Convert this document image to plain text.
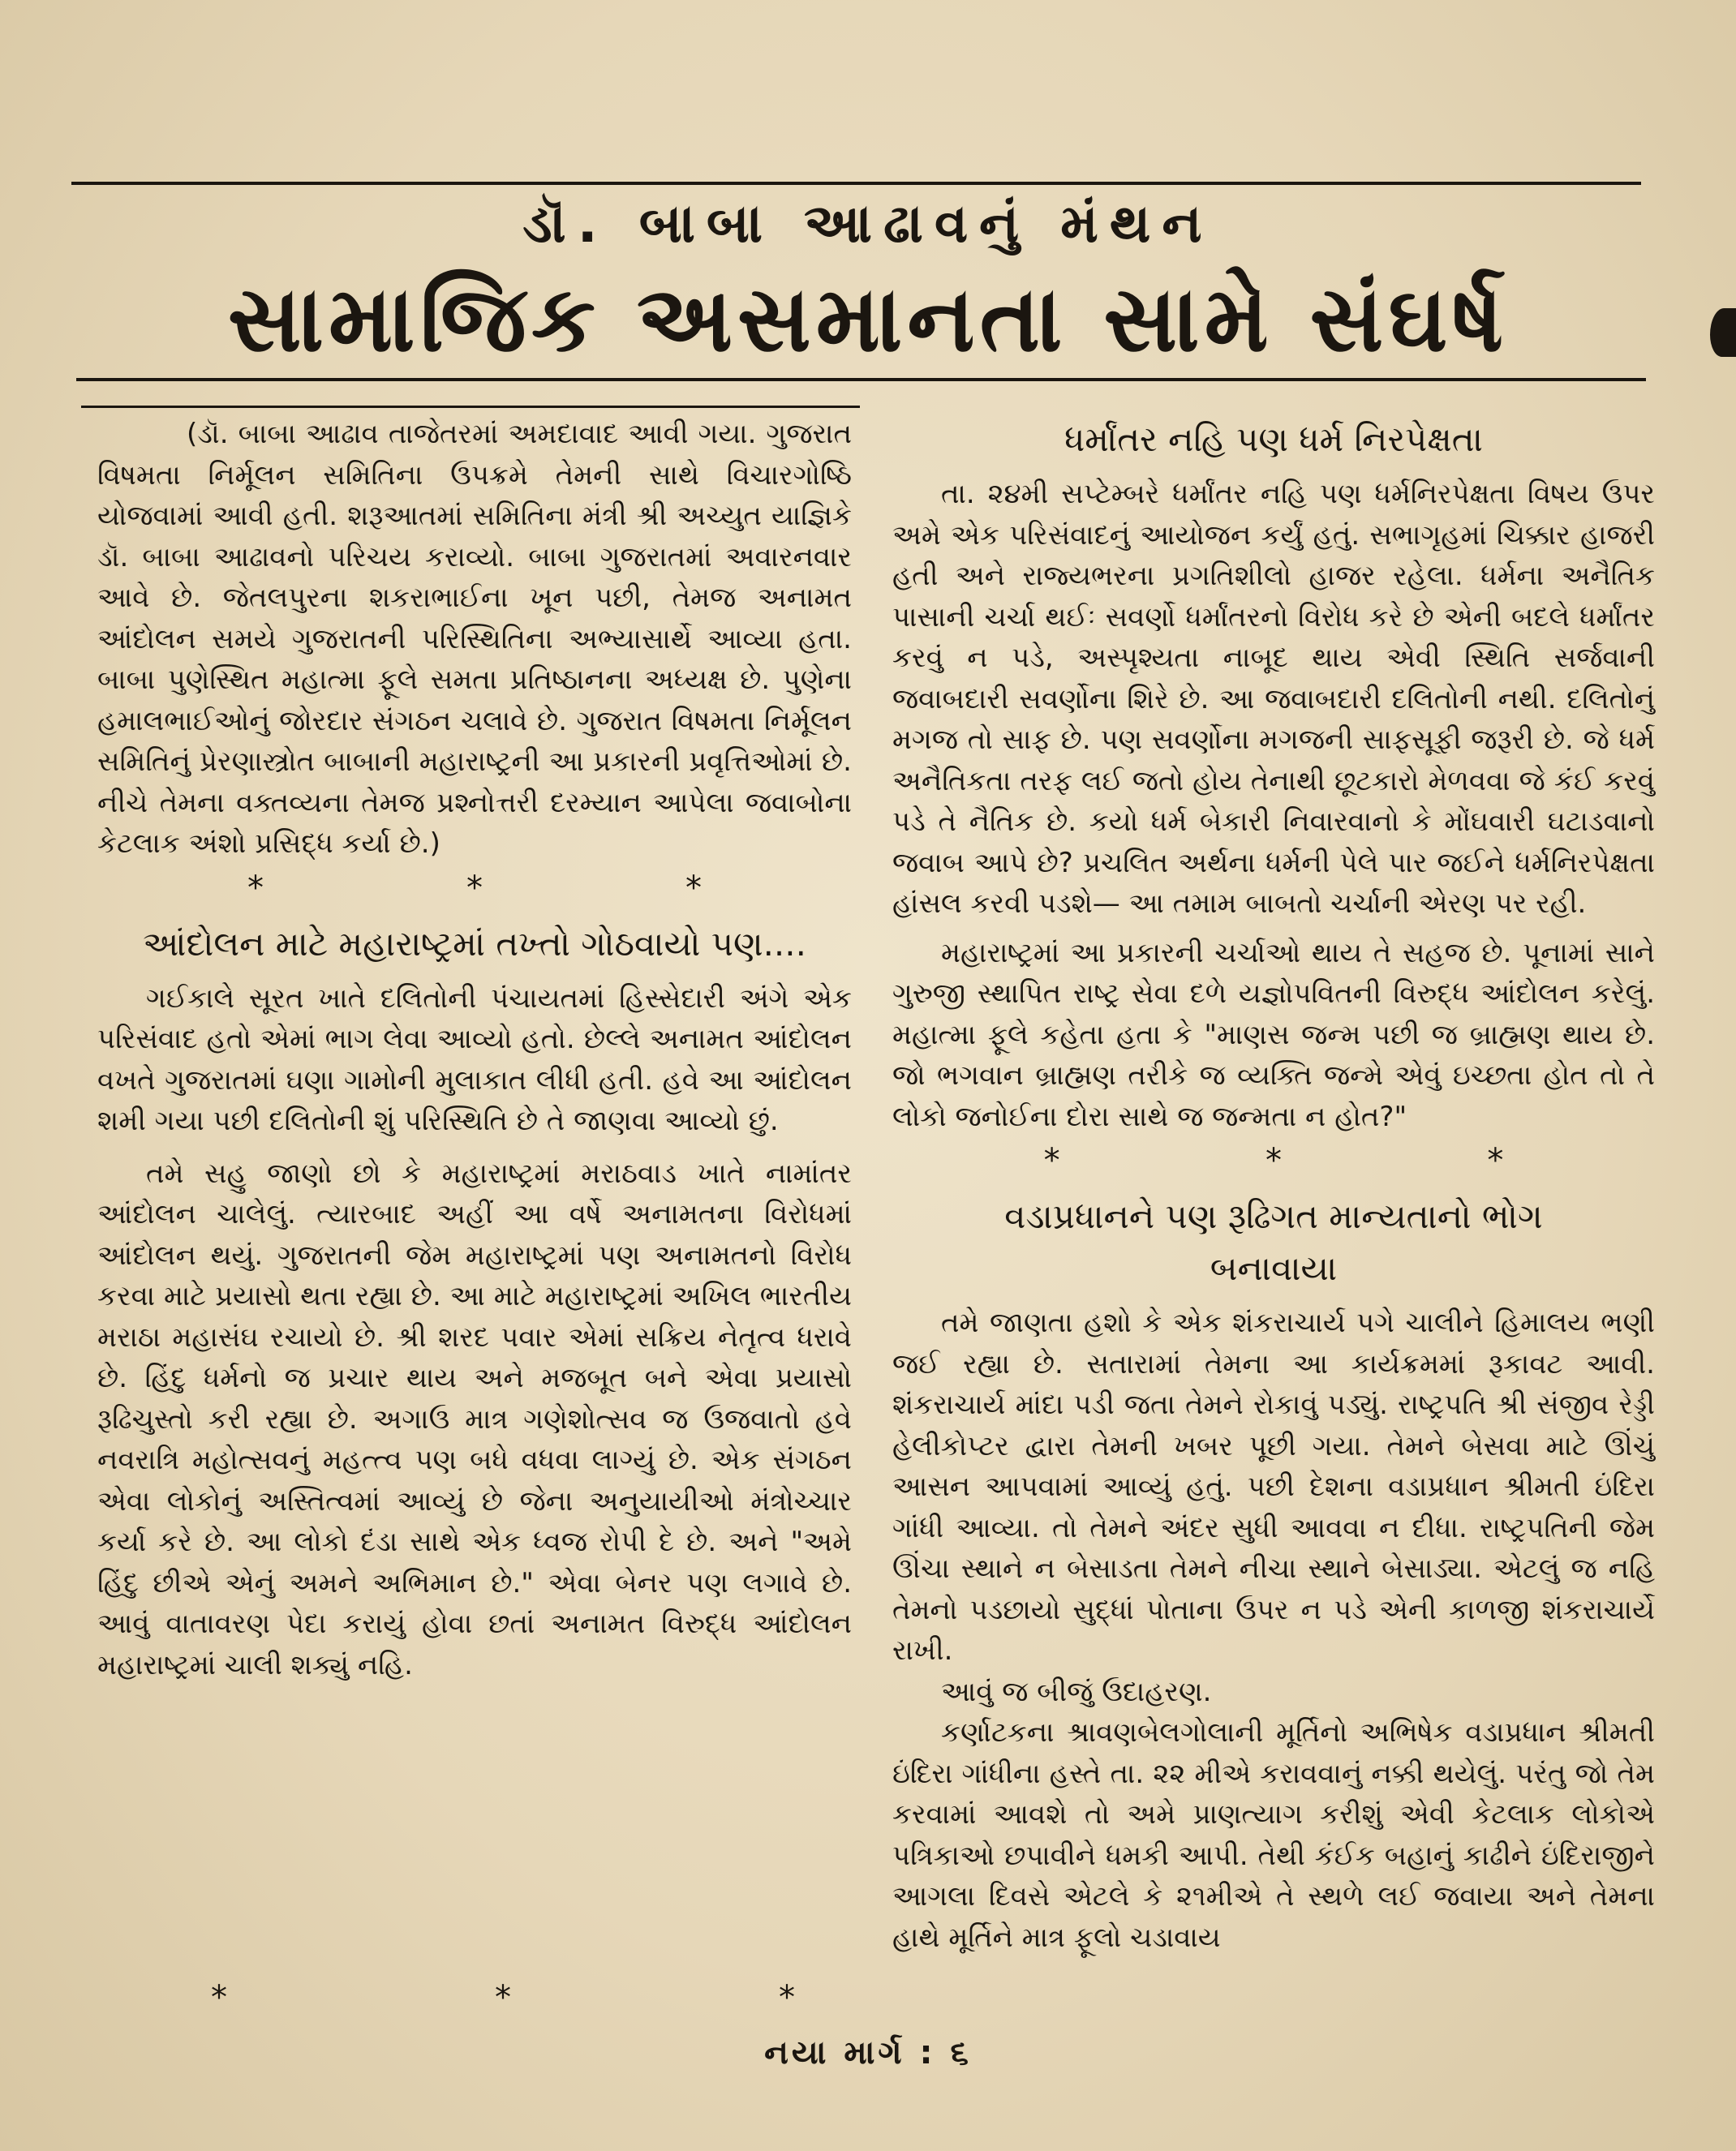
ડૉ. બાબા આઢાવનું મંથન
સામાજિક અસમાનતા સામે સંઘર્ષ

(ડૉ. બાબા આઢાવ તાજેતરમાં અમદાવાદ આવી ગયા. ગુજરાત વિષમતા નિર્મૂલન સમિતિના ઉપક્રમે તેમની સાથે વિચારગોષ્ઠિ યોજવામાં આવી હતી. શરૂઆતમાં સમિતિના મંત્રી શ્રી અચ્યુત યાજ્ઞિકે ડૉ. બાબા આઢાવનો પરિચય કરાવ્યો. બાબા ગુજરાતમાં અવારનવાર આવે છે. જેતલપુરના શકરાભાઈના ખૂન પછી, તેમજ અનામત આંદોલન સમયે ગુજરાતની પરિસ્થિતિના અભ્યાસાર્થે આવ્યા હતા. બાબા પુણેસ્થિત મહાત્મા ફૂલે સમતા પ્રતિષ્ઠાનના અધ્યક્ષ છે. પુણેના હમાલભાઈઓનું જોરદાર સંગઠન ચલાવે છે. ગુજરાત વિષમતા નિર્મૂલન સમિતિનું પ્રેરણાસ્ત્રોત બાબાની મહારાષ્ટ્રની આ પ્રકારની પ્રવૃત્તિઓમાં છે. નીચે તેમના વક્તવ્યના તેમજ પ્રશ્નોત્તરી દરમ્યાન આપેલા જવાબોના કેટલાક અંશો પ્રસિદ્ધ કર્યા છે.)

*	*	*
આંદોલન માટે મહારાષ્ટ્રમાં તખ્તો ગોઠવાયો પણ....

ગઈકાલે સૂરત ખાતે દલિતોની પંચાયતમાં હિસ્સેદારી અંગે એક પરિસંવાદ હતો એમાં ભાગ લેવા આવ્યો હતો. છેલ્લે અનામત આંદોલન વખતે ગુજરાતમાં ઘણા ગામોની મુલાકાત લીધી હતી. હવે આ આંદોલન શમી ગયા પછી દલિતોની શું પરિસ્થિતિ છે તે જાણવા આવ્યો છું.

તમે સહુ જાણો છો કે મહારાષ્ટ્રમાં મરાઠવાડ ખાતે નામાંતર આંદોલન ચાલેલું. ત્યારબાદ અહીં આ વર્ષે અનામતના વિરોધમાં આંદોલન થયું. ગુજરાતની જેમ મહારાષ્ટ્રમાં પણ અનામતનો વિરોધ કરવા માટે પ્રયાસો થતા રહ્યા છે. આ માટે મહારાષ્ટ્રમાં અખિલ ભારતીય મરાઠા મહાસંઘ રચાયો છે. શ્રી શરદ પવાર એમાં સક્રિય નેતૃત્વ ધરાવે છે. હિંદુ ધર્મનો જ પ્રચાર થાય અને મજબૂત બને એવા પ્રયાસો રૂઢિચુસ્તો કરી રહ્યા છે. અગાઉ માત્ર ગણેશોત્સવ જ ઉજવાતો હવે નવરાત્રિ મહોત્સવનું મહત્ત્વ પણ બધે વધવા લાગ્યું છે. એક સંગઠન એવા લોકોનું અસ્તિત્વમાં આવ્યું છે જેના અનુયાયીઓ મંત્રોચ્ચાર કર્યા કરે છે. આ લોકો દંડા સાથે એક ધ્વજ રોપી દે છે. અને "અમે હિંદુ છીએ એનું અમને અભિમાન છે." એવા બેનર પણ લગાવે છે. આવું વાતાવરણ પેદા કરાયું હોવા છતાં અનામત વિરુદ્ધ આંદોલન મહારાષ્ટ્રમાં ચાલી શક્યું નહિ.

*	*	*
ધર્માંતર નહિ પણ ધર્મ નિરપેક્ષતા

તા. ૨૪મી સપ્ટેમ્બરે ધર્માંતર નહિ પણ ધર્મનિરપેક્ષતા વિષય ઉપર અમે એક પરિસંવાદનું આયોજન કર્યું હતું. સભાગૃહમાં ચિક્કાર હાજરી હતી અને રાજ્યભરના પ્રગતિશીલો હાજર રહેલા. ધર્મના અનૈતિક પાસાની ચર્ચા થઈઃ સવર્ણો ધર્માંતરનો વિરોધ કરે છે એની બદલે ધર્માંતર કરવું ન પડે, અસ્પૃશ્યતા નાબૂદ થાય એવી સ્થિતિ સર્જવાની જવાબદારી સવર્ણોના શિરે છે. આ જવાબદારી દલિતોની નથી. દલિતોનું મગજ તો સાફ છે. પણ સવર્ણોના મગજની સાફસૂફી જરૂરી છે. જે ધર્મ અનૈતિકતા તરફ લઈ જતો હોય તેનાથી છૂટકારો મેળવવા જે કંઈ કરવું પડે તે નૈતિક છે. કયો ધર્મ બેકારી નિવારવાનો કે મોંઘવારી ઘટાડવાનો જવાબ આપે છે? પ્રચલિત અર્થના ધર્મની પેલે પાર જઈને ધર્મનિરપેક્ષતા હાંસલ કરવી પડશે— આ તમામ બાબતો ચર્ચાની એરણ પર રહી.

મહારાષ્ટ્રમાં આ પ્રકારની ચર્ચાઓ થાય તે સહજ છે. પૂનામાં સાને ગુરુજી સ્થાપિત રાષ્ટ્ર સેવા દળે યજ્ઞોપવિતની વિરુદ્ધ આંદોલન કરેલું. મહાત્મા ફૂલે કહેતા હતા કે "માણસ જન્મ પછી જ બ્રાહ્મણ થાય છે. જો ભગવાન બ્રાહ્મણ તરીકે જ વ્યક્તિ જન્મે એવું ઇચ્છતા હોત તો તે લોકો જનોઈના દોરા સાથે જ જન્મતા ન હોત?"

*	*	*
વડાપ્રધાનને પણ રૂઢિગત માન્યતાનો ભોગ બનાવાયા

તમે જાણતા હશો કે એક શંકરાચાર્ય પગે ચાલીને હિમાલય ભણી જઈ રહ્યા છે. સતારામાં તેમના આ કાર્યક્રમમાં રૂકાવટ આવી. શંકરાચાર્ય માંદા પડી જતા તેમને રોકાવું પડ્યું. રાષ્ટ્રપતિ શ્રી સંજીવ રેડ્ડી હેલીકોપ્ટર દ્વારા તેમની ખબર પૂછી ગયા. તેમને બેસવા માટે ઊંચું આસન આપવામાં આવ્યું હતું. પછી દેશના વડાપ્રધાન શ્રીમતી ઇંદિરા ગાંધી આવ્યા. તો તેમને અંદર સુધી આવવા ન દીધા. રાષ્ટ્રપતિની જેમ ઊંચા સ્થાને ન બેસાડતા તેમને નીચા સ્થાને બેસાડ્યા. એટલું જ નહિ તેમનો પડછાયો સુદ્ધાં પોતાના ઉપર ન પડે એની કાળજી શંકરાચાર્યે રાખી.

આવું જ બીજું ઉદાહરણ.

કર્ણાટકના શ્રાવણબેલગોલાની મૂર્તિનો અભિષેક વડાપ્રધાન શ્રીમતી ઇંદિરા ગાંધીના હસ્તે તા. ૨૨ મીએ કરાવવાનું નક્કી થયેલું. પરંતુ જો તેમ કરવામાં આવશે તો અમે પ્રાણત્યાગ કરીશું એવી કેટલાક લોકોએ પત્રિકાઓ છપાવીને ધમકી આપી. તેથી કંઈક બહાનું કાઢીને ઇંદિરાજીને આગલા દિવસે એટલે કે ૨૧મીએ તે સ્થળે લઈ જવાયા અને તેમના હાથે મૂર્તિને માત્ર ફૂલો ચડાવાય

નયા માર્ગ : ૬
